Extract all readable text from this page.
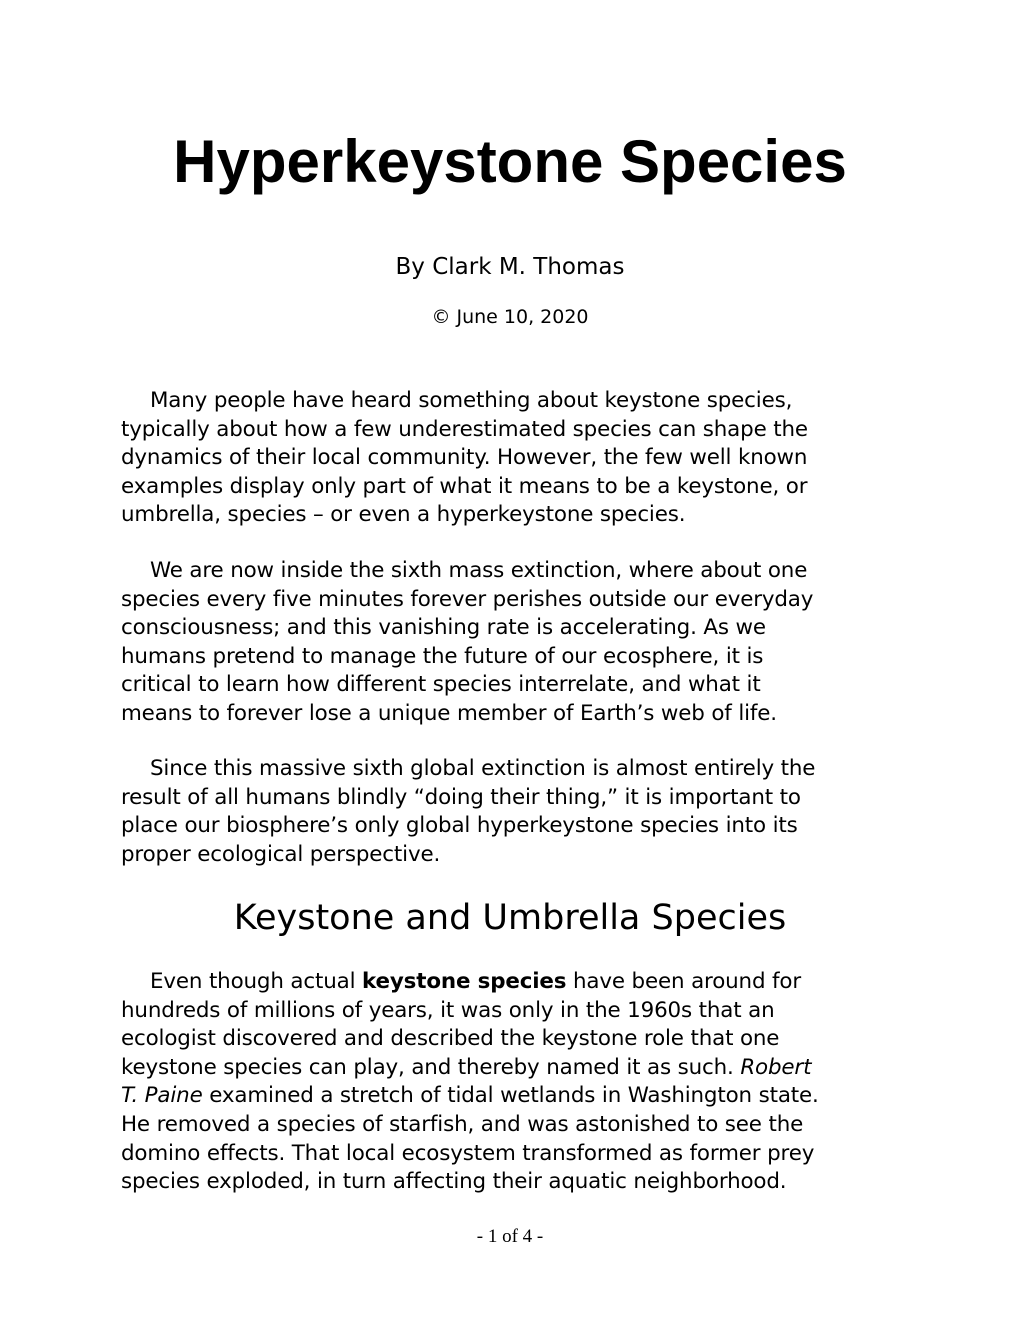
Hyperkeystone Species

By Clark M. Thomas

© June 10, 2020

Many people have heard something about keystone species,
typically about how a few underestimated species can shape the
dynamics of their local community. However, the few well known
examples display only part of what it means to be a keystone, or
umbrella, species – or even a hyperkeystone species.

We are now inside the sixth mass extinction, where about one
species every five minutes forever perishes outside our everyday
consciousness; and this vanishing rate is accelerating. As we
humans pretend to manage the future of our ecosphere, it is
critical to learn how different species interrelate, and what it
means to forever lose a unique member of Earth’s web of life.

Since this massive sixth global extinction is almost entirely the
result of all humans blindly “doing their thing,” it is important to
place our biosphere’s only global hyperkeystone species into its
proper ecological perspective.

Keystone and Umbrella Species

Even though actual keystone species have been around for
hundreds of millions of years, it was only in the 1960s that an
ecologist discovered and described the keystone role that one
keystone species can play, and thereby named it as such. Robert
T. Paine examined a stretch of tidal wetlands in Washington state.
He removed a species of starfish, and was astonished to see the
domino effects. That local ecosystem transformed as former prey
species exploded, in turn affecting their aquatic neighborhood.

- 1 of 4 -
